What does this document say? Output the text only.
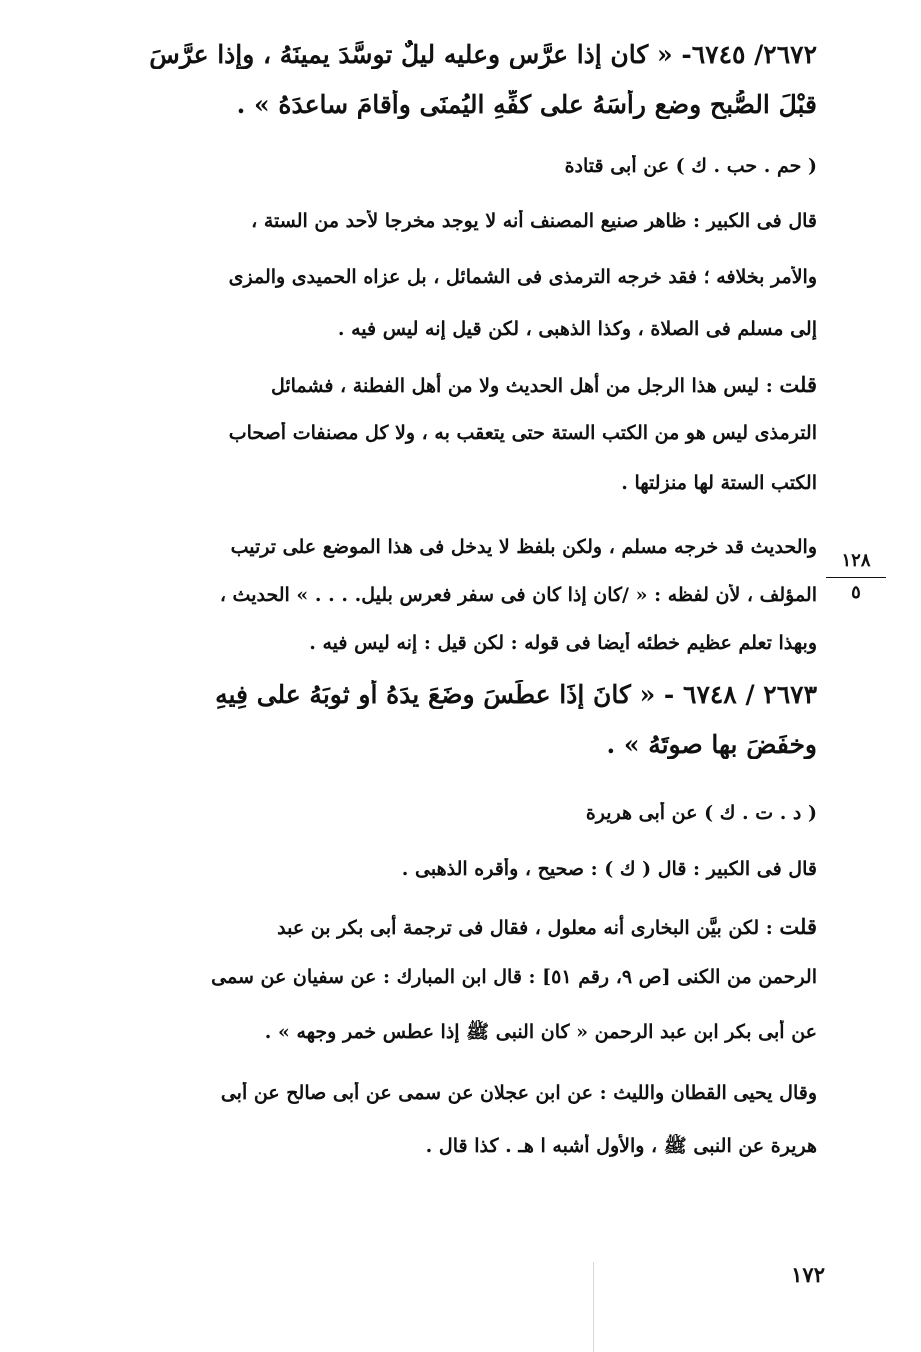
٢٦٧٢/ ٦٧٤٥- « كان إذا عرَّس وعليه ليلٌ توسَّدَ يمينَهُ ، وإذا عرَّسَ
قبْلَ الصُّبحِ وضع رأسَهُ على كفِّهِ اليُمنَى وأقامَ ساعدَهُ » .
( حم . حب . ك ) عن أبى قتادة
قال فى الكبير : ظاهر صنيع المصنف أنه لا يوجد مخرجا لأحد من الستة ،
والأمر بخلافه ؛ فقد خرجه الترمذى فى الشمائل ، بل عزاه الحميدى والمزى
إلى مسلم فى الصلاة ، وكذا الذهبى ، لكن قيل إنه ليس فيه .
قلت : ليس هذا الرجل من أهل الحديث ولا من أهل الفطنة ، فشمائل
الترمذى ليس هو من الكتب الستة حتى يتعقب به ، ولا كل مصنفات أصحاب
الكتب الستة لها منزلتها .
والحديث قد خرجه مسلم ، ولكن بلفظ لا يدخل فى هذا الموضع على ترتيب
المؤلف ، لأن لفظه : « /كان إذا كان فى سفر فعرس بليل. . . . » الحديث ،
وبهذا تعلم عظيم خطئه أيضا فى قوله : لكن قيل : إنه ليس فيه .
١٢٨
٥
٢٦٧٣ / ٦٧٤٨ - « كانَ إذَا عطَسَ وضَعَ يدَهُ أو ثوبَهُ على فِيهِ
وخفَضَ بها صوتَهُ » .
( د . ت . ك ) عن أبى هريرة
قال فى الكبير : قال ( ك ) : صحيح ، وأقره الذهبى .
قلت : لكن بيَّن البخارى أنه معلول ، فقال فى ترجمة أبى بكر بن عبد
الرحمن من الكنى [ص ٩، رقم ٥١] : قال ابن المبارك : عن سفيان عن سمى
عن أبى بكر ابن عبد الرحمن « كان النبى ﷺ إذا عطس خمر وجهه » .
وقال يحيى القطان والليث : عن ابن عجلان عن سمى عن أبى صالح عن أبى
هريرة عن النبى ﷺ ، والأول أشبه ا هـ . كذا قال .
١٧٢
